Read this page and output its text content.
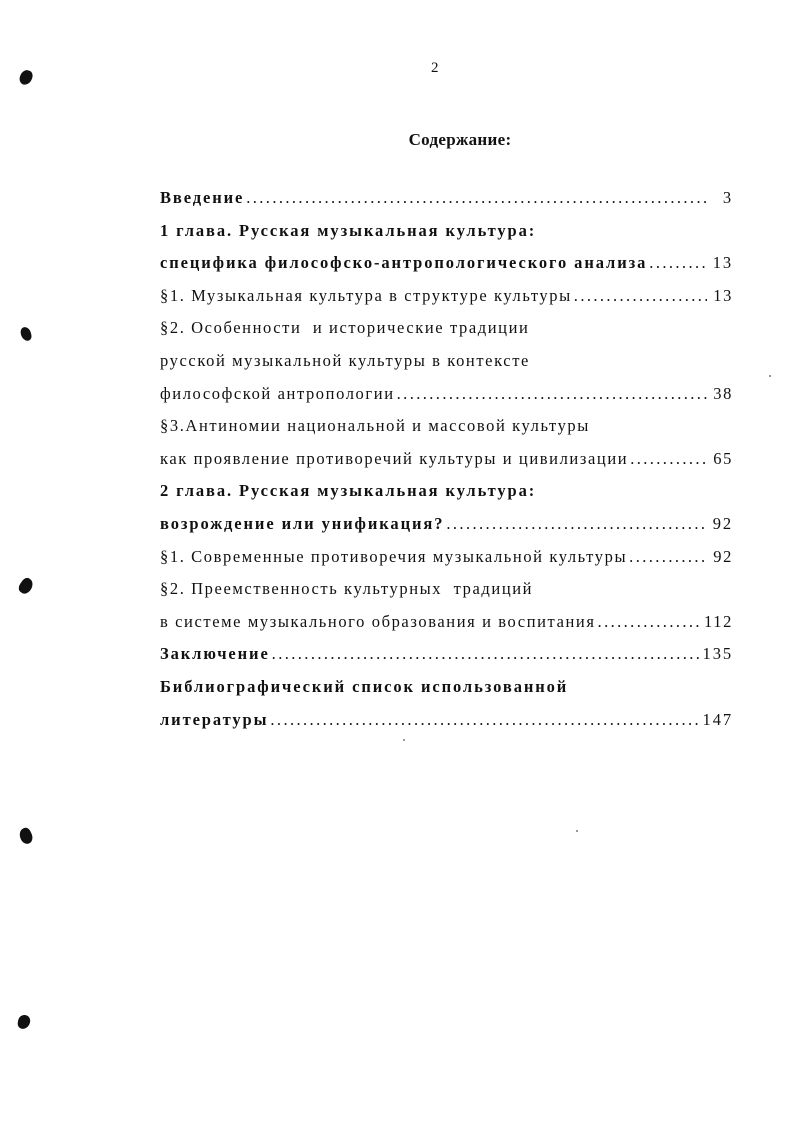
2
Содержание:
Введение .....	3
1 глава. Русская музыкальная культура:
специфика философско-антропологического анализа .....	13
§1. Музыкальная культура в структуре культуры .....	13
§2. Особенности  и исторические традиции
русской музыкальной культуры в контексте
философской антропологии .....	38
§3.Антиномии национальной и массовой культуры
как проявление противоречий культуры и цивилизации .....	65
2 глава. Русская музыкальная культура:
возрождение или унификация? .....	92
§1. Современные противоречия музыкальной культуры .....	92
§2. Преемственность культурных  традиций
в системе музыкального образования и воспитания .....	112
Заключение .....	135
Библиографический список использованной
литературы .....	147
